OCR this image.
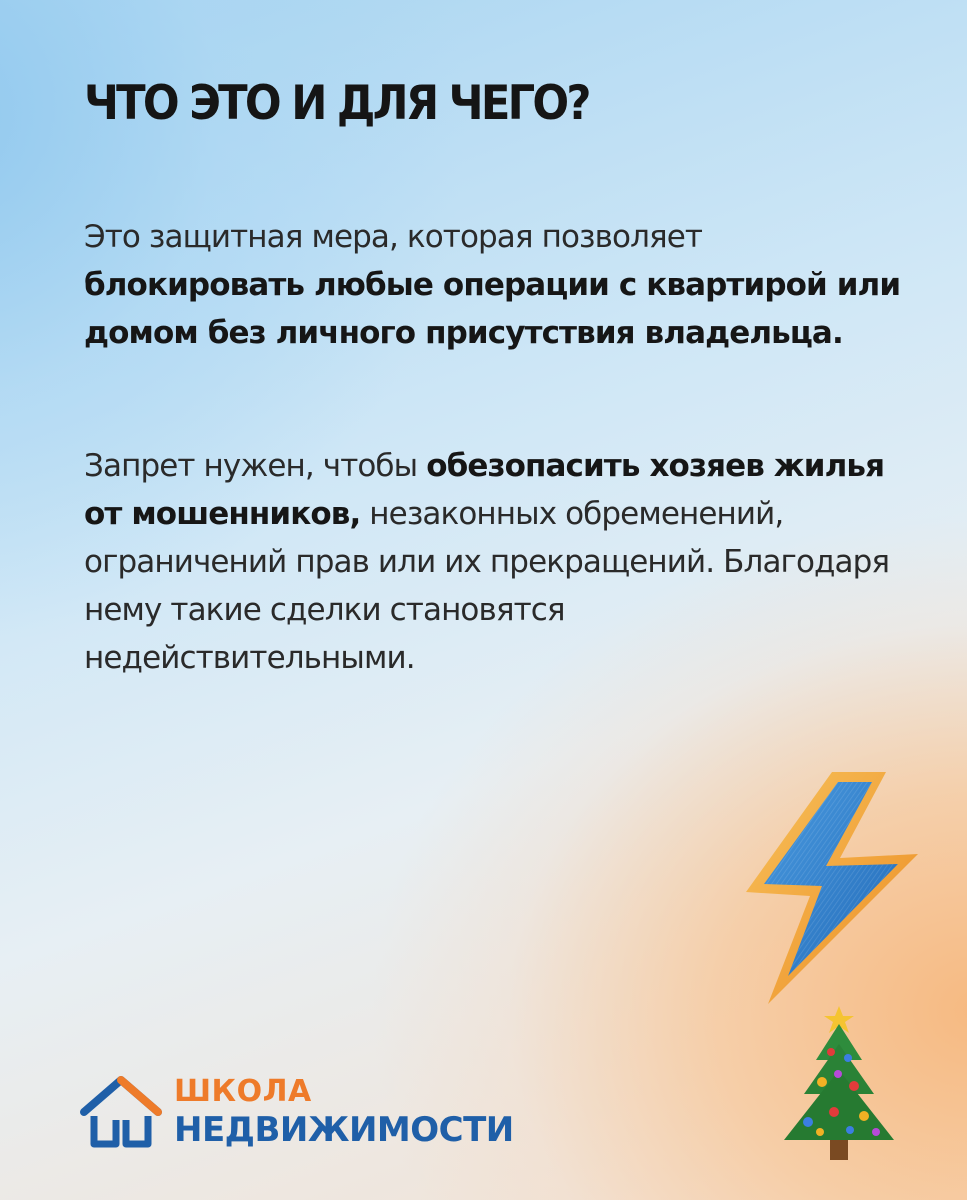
ЧТО ЭТО И ДЛЯ ЧЕГО?

Это защитная мера, которая позволяет блокировать любые операции с квартирой или домом без личного присутствия владельца.

Запрет нужен, чтобы обезопасить хозяев жилья от мошенников, незаконных обременений, ограничений прав или их прекращений. Благодаря нему такие сделки становятся недействительными.

ШКОЛА
НЕДВИЖИМОСТИ
